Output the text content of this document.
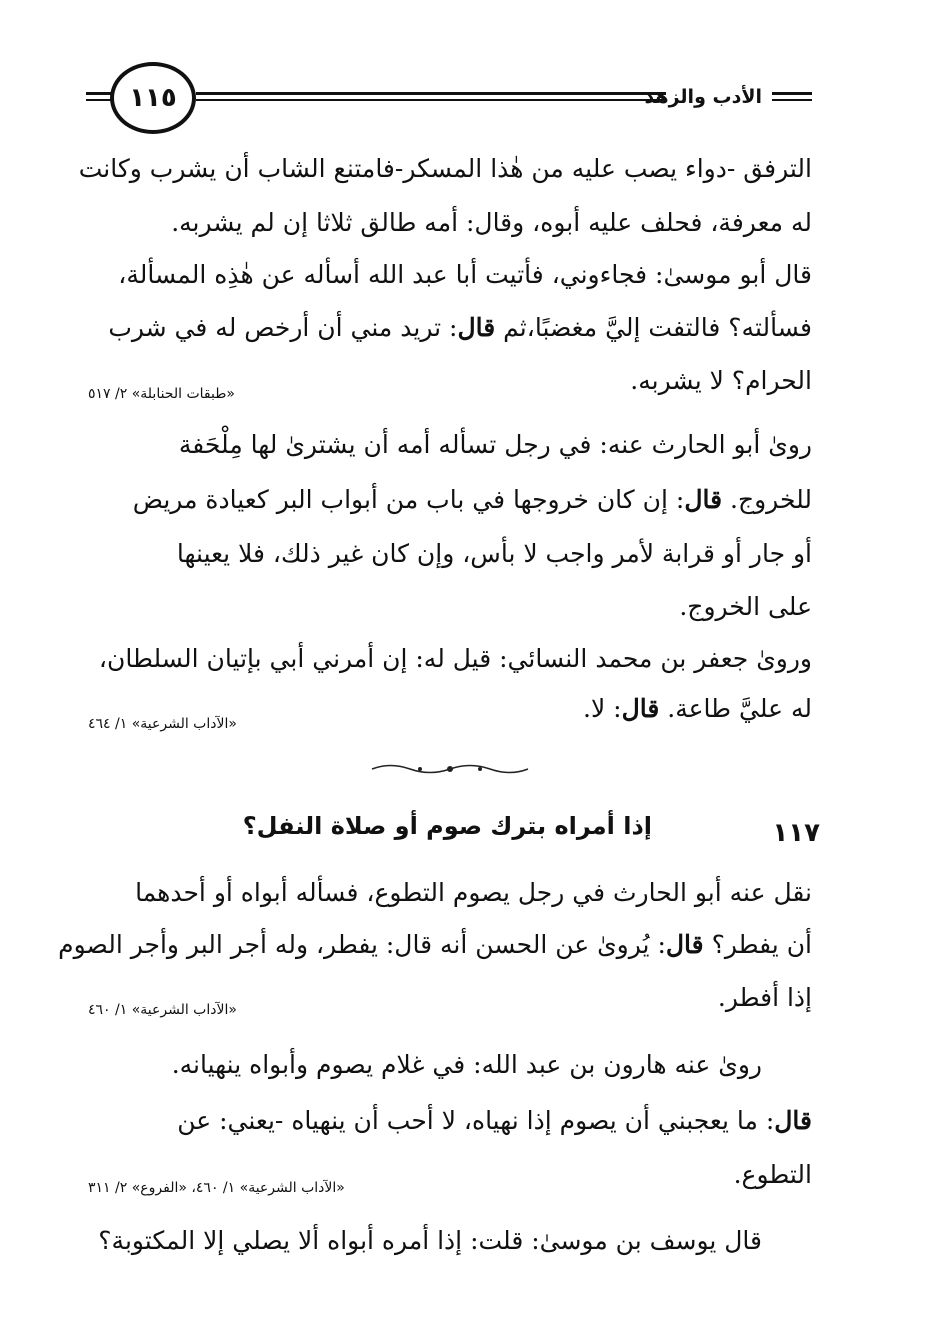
الأدب والزهد
١١٥
الترفق -دواء يصب عليه من هٰذا المسكر-فامتنع الشاب أن يشرب وكانت
له معرفة، فحلف عليه أبوه، وقال: أمه طالق ثلاثا إن لم يشربه.
قال أبو موسىٰ: فجاءوني، فأتيت أبا عبد الله أسأله عن هٰذِه المسألة،
فسألته؟ فالتفت إليَّ مغضبًا،ثم قال: تريد مني أن أرخص له في شرب
الحرام؟ لا يشربه.
«طبقات الحنابلة» ٢/ ٥١٧
روىٰ أبو الحارث عنه: في رجل تسأله أمه أن يشترىٰ لها مِلْحَفة
للخروج. قال: إن كان خروجها في باب من أبواب البر كعيادة مريض
أو جار أو قرابة لأمر واجب لا بأس، وإن كان غير ذلك، فلا يعينها
على الخروج.
وروىٰ جعفر بن محمد النسائي: قيل له: إن أمرني أبي بإتيان السلطان،
له عليَّ طاعة. قال: لا.
«الآداب الشرعية» ١/ ٤٦٤
إذا أمراه بترك صوم أو صلاة النفل؟	١١٧
نقل عنه أبو الحارث في رجل يصوم التطوع، فسأله أبواه أو أحدهما
أن يفطر؟ قال: يُروىٰ عن الحسن أنه قال: يفطر، وله أجر البر وأجر الصوم
إذا أفطر.
«الآداب الشرعية» ١/ ٤٦٠
روىٰ عنه هارون بن عبد الله: في غلام يصوم وأبواه ينهيانه.
قال: ما يعجبني أن يصوم إذا نهياه، لا أحب أن ينهياه -يعني: عن
التطوع.
«الآداب الشرعية» ١/ ٤٦٠، «الفروع» ٢/ ٣١١
قال يوسف بن موسىٰ: قلت: إذا أمره أبواه ألا يصلي إلا المكتوبة؟
